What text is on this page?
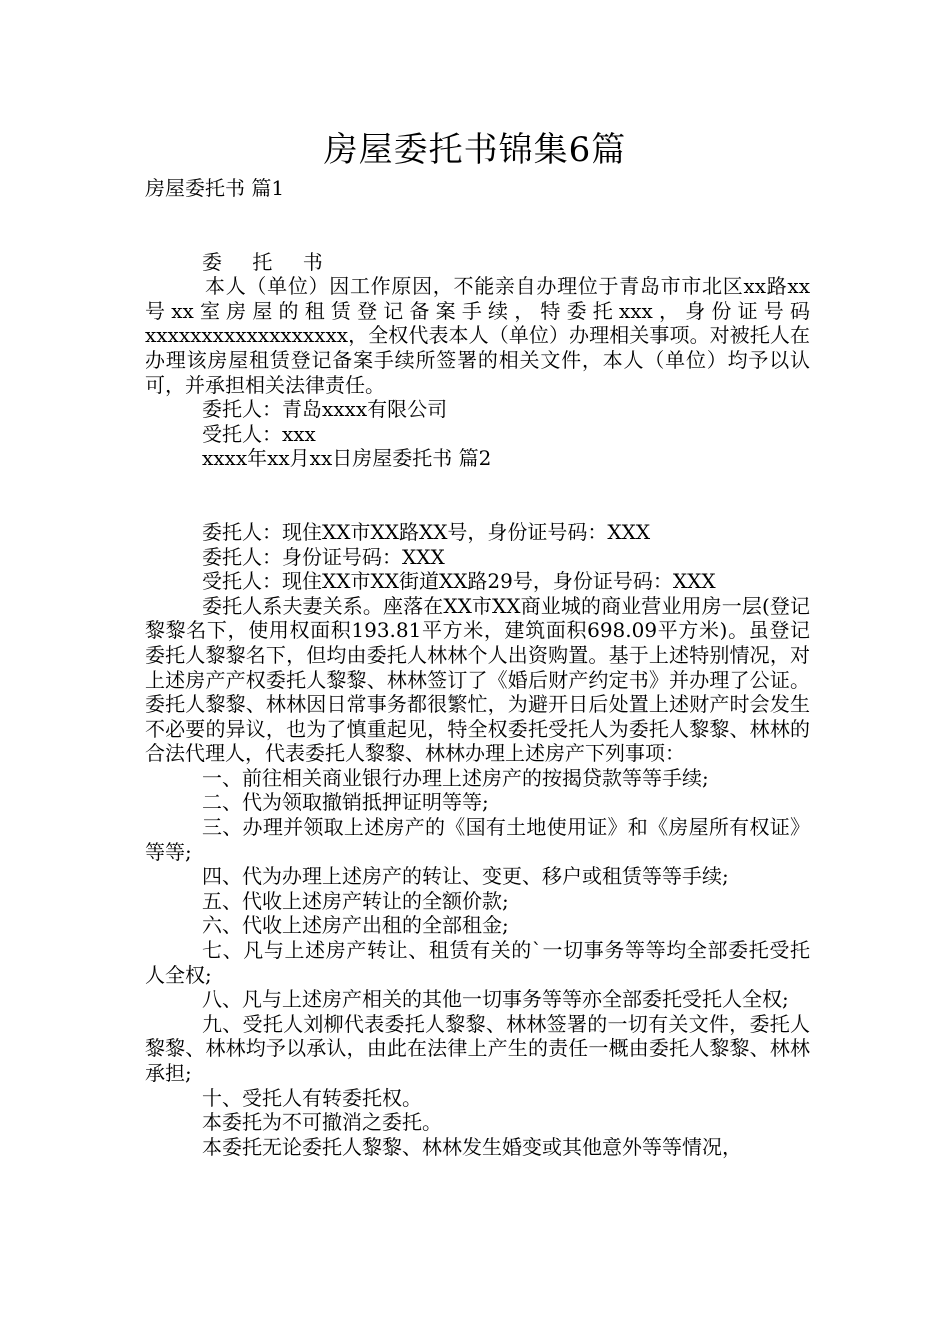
房屋委托书锦集6篇

房屋委托书 篇1

委 托 书

本人（单位）因工作原因，不能亲自办理位于青岛市市北区xx路xx号xx室房屋的租赁登记备案手续，特委托xxx，身份证号码xxxxxxxxxxxxxxxxxx，全权代表本人（单位）办理相关事项。对被托人在办理该房屋租赁登记备案手续所签署的相关文件，本人（单位）均予以认可，并承担相关法律责任。

委托人：青岛xxxx有限公司

受托人：xxx

xxxx年xx月xx日房屋委托书 篇2

委托人：现住XX市XX路XX号，身份证号码：XXX

委托人：身份证号码：XXX

受托人：现住XX市XX街道XX路29号，身份证号码：XXX

委托人系夫妻关系。座落在XX市XX商业城的商业营业用房一层(登记黎黎名下，使用权面积193.81平方米，建筑面积698.09平方米)。虽登记委托人黎黎名下，但均由委托人林林个人出资购置。基于上述特别情况，对上述房产产权委托人黎黎、林林签订了《婚后财产约定书》并办理了公证。委托人黎黎、林林因日常事务都很繁忙，为避开日后处置上述财产时会发生不必要的异议，也为了慎重起见，特全权委托受托人为委托人黎黎、林林的合法代理人，代表委托人黎黎、林林办理上述房产下列事项：

一、前往相关商业银行办理上述房产的按揭贷款等等手续;

二、代为领取撤销抵押证明等等;

三、办理并领取上述房产的《国有土地使用证》和《房屋所有权证》等等;

四、代为办理上述房产的转让、变更、移户或租赁等等手续;

五、代收上述房产转让的全额价款;

六、代收上述房产出租的全部租金;

七、凡与上述房产转让、租赁有关的`一切事务等等均全部委托受托人全权;

八、凡与上述房产相关的其他一切事务等等亦全部委托受托人全权;

九、受托人刘柳代表委托人黎黎、林林签署的一切有关文件，委托人黎黎、林林均予以承认，由此在法律上产生的责任一概由委托人黎黎、林林承担;

十、受托人有转委托权。

本委托为不可撤消之委托。

本委托无论委托人黎黎、林林发生婚变或其他意外等等情况，
